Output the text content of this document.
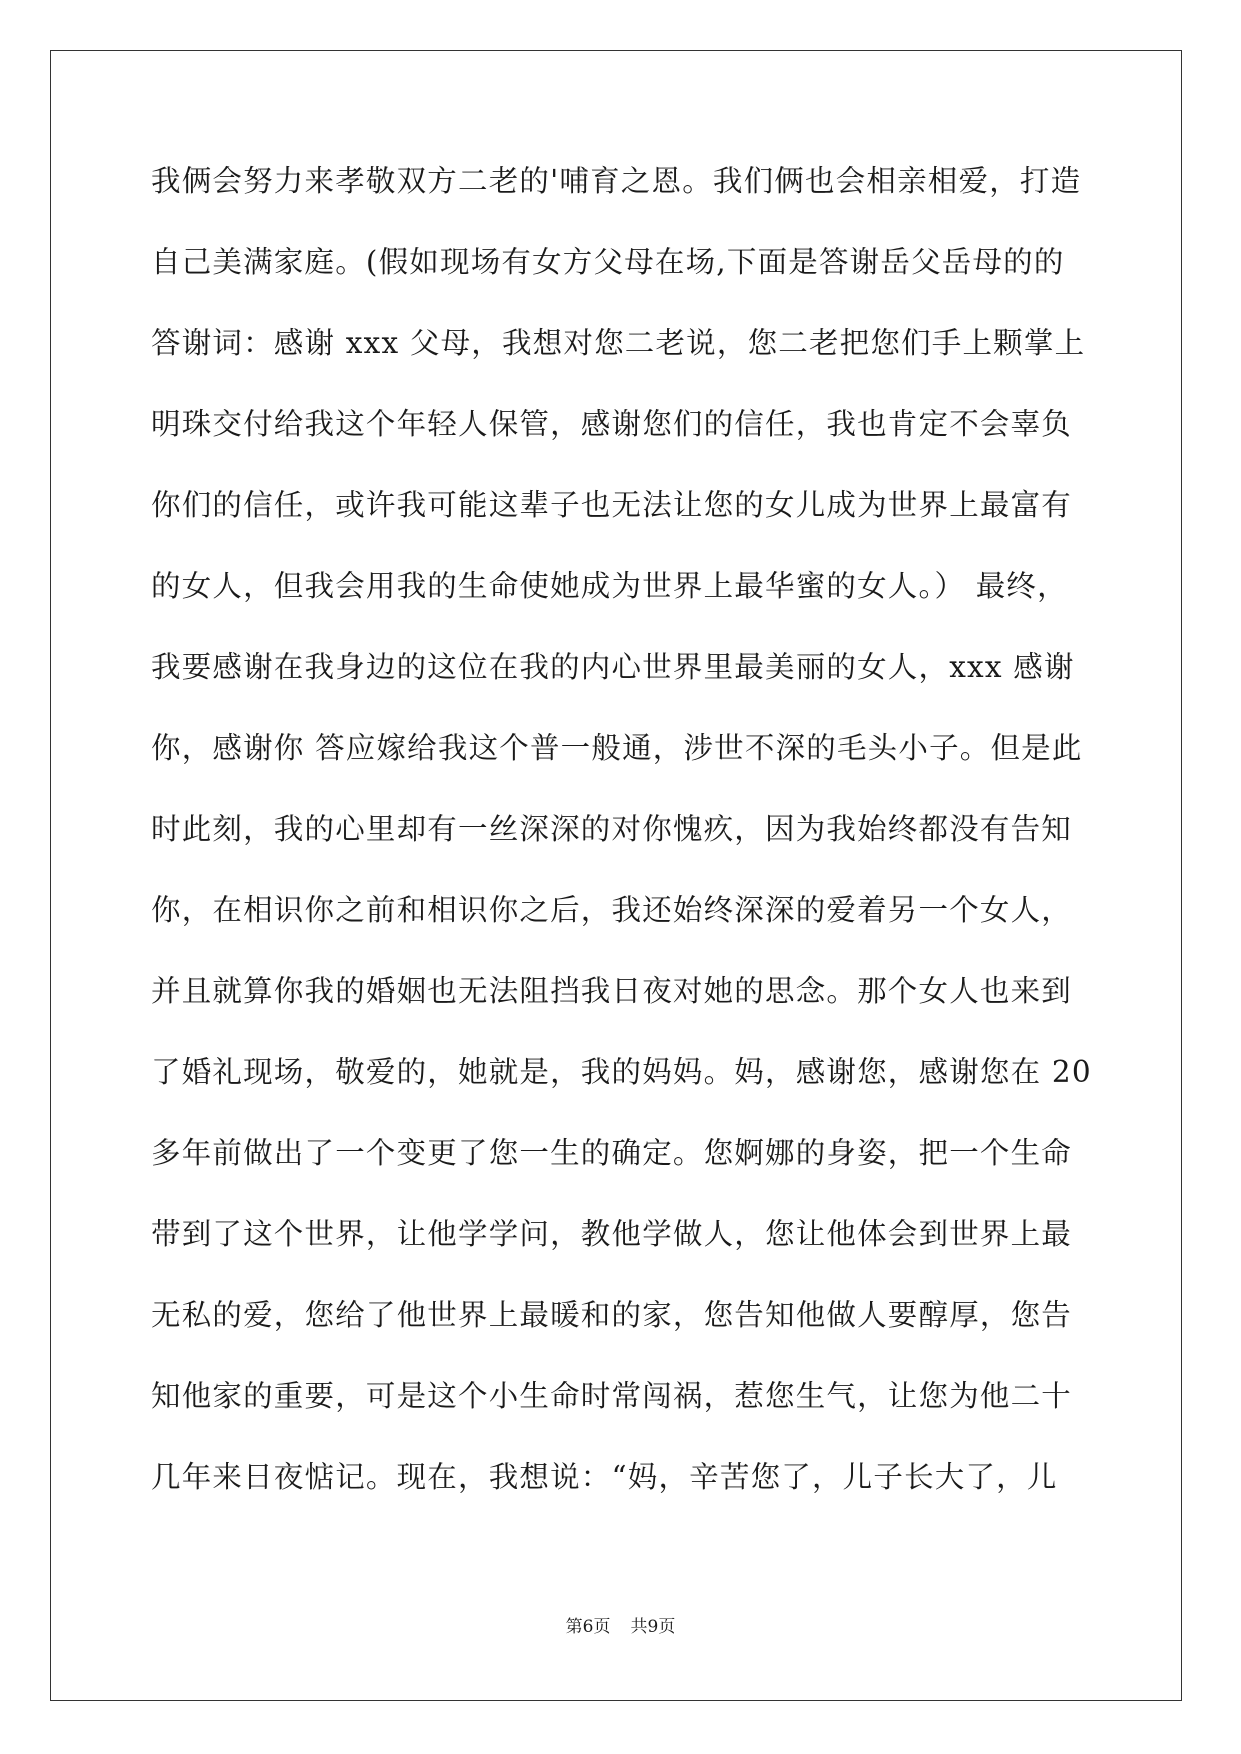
我俩会努力来孝敬双方二老的'哺育之恩。我们俩也会相亲相爱，打造
自己美满家庭。(假如现场有女方父母在场,下面是答谢岳父岳母的的
答谢词：感谢 xxx 父母，我想对您二老说，您二老把您们手上颗掌上
明珠交付给我这个年轻人保管，感谢您们的信任，我也肯定不会辜负
你们的信任，或许我可能这辈子也无法让您的女儿成为世界上最富有
的女人，但我会用我的生命使她成为世界上最华蜜的女人。） 最终，
我要感谢在我身边的这位在我的内心世界里最美丽的女人，xxx 感谢
你，感谢你 答应嫁给我这个普一般通，涉世不深的毛头小子。但是此
时此刻，我的心里却有一丝深深的对你愧疚，因为我始终都没有告知
你，在相识你之前和相识你之后，我还始终深深的爱着另一个女人，
并且就算你我的婚姻也无法阻挡我日夜对她的思念。那个女人也来到
了婚礼现场，敬爱的，她就是，我的妈妈。妈，感谢您，感谢您在 20
多年前做出了一个变更了您一生的确定。您婀娜的身姿，把一个生命
带到了这个世界，让他学学问，教他学做人，您让他体会到世界上最
无私的爱，您给了他世界上最暖和的家，您告知他做人要醇厚，您告
知他家的重要，可是这个小生命时常闯祸，惹您生气，让您为他二十
几年来日夜惦记。现在，我想说：“妈，辛苦您了，儿子长大了，儿
第6页 共9页
